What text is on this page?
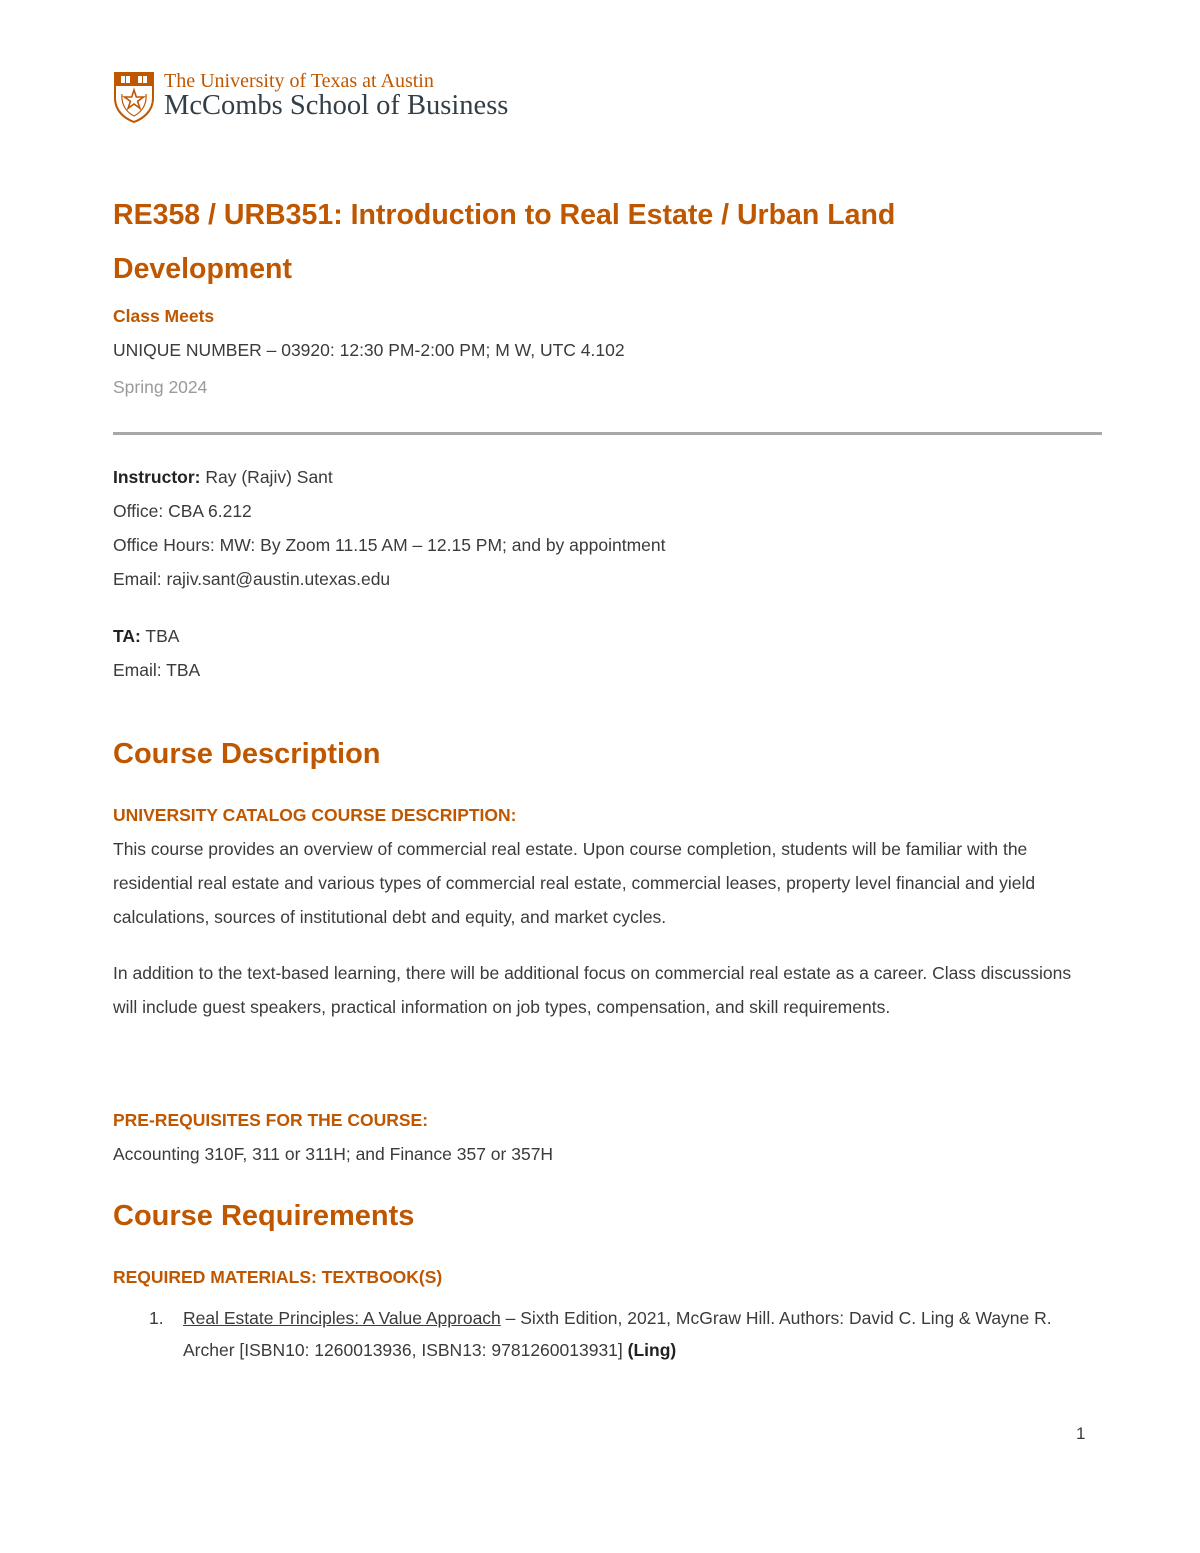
The University of Texas at Austin
McCombs School of Business
RE358 / URB351: Introduction to Real Estate / Urban Land Development

Class Meets

UNIQUE NUMBER – 03920: 12:30 PM-2:00 PM; M W, UTC 4.102

Spring 2024

Instructor: Ray (Rajiv) Sant

Office: CBA 6.212

Office Hours: MW: By Zoom 11.15 AM – 12.15 PM; and by appointment

Email: rajiv.sant@austin.utexas.edu

TA: TBA

Email: TBA

Course Description

UNIVERSITY CATALOG COURSE DESCRIPTION:

This course provides an overview of commercial real estate. Upon course completion, students will be familiar with the residential real estate and various types of commercial real estate, commercial leases, property level financial and yield calculations, sources of institutional debt and equity, and market cycles.

In addition to the text-based learning, there will be additional focus on commercial real estate as a career. Class discussions will include guest speakers, practical information on job types, compensation, and skill requirements.

PRE-REQUISITES FOR THE COURSE:

Accounting 310F, 311 or 311H; and Finance 357 or 357H

Course Requirements

REQUIRED MATERIALS: TEXTBOOK(S)

1. Real Estate Principles: A Value Approach – Sixth Edition, 2021, McGraw Hill. Authors: David C. Ling & Wayne R. Archer [ISBN10: 1260013936, ISBN13: 9781260013931] (Ling)
1
